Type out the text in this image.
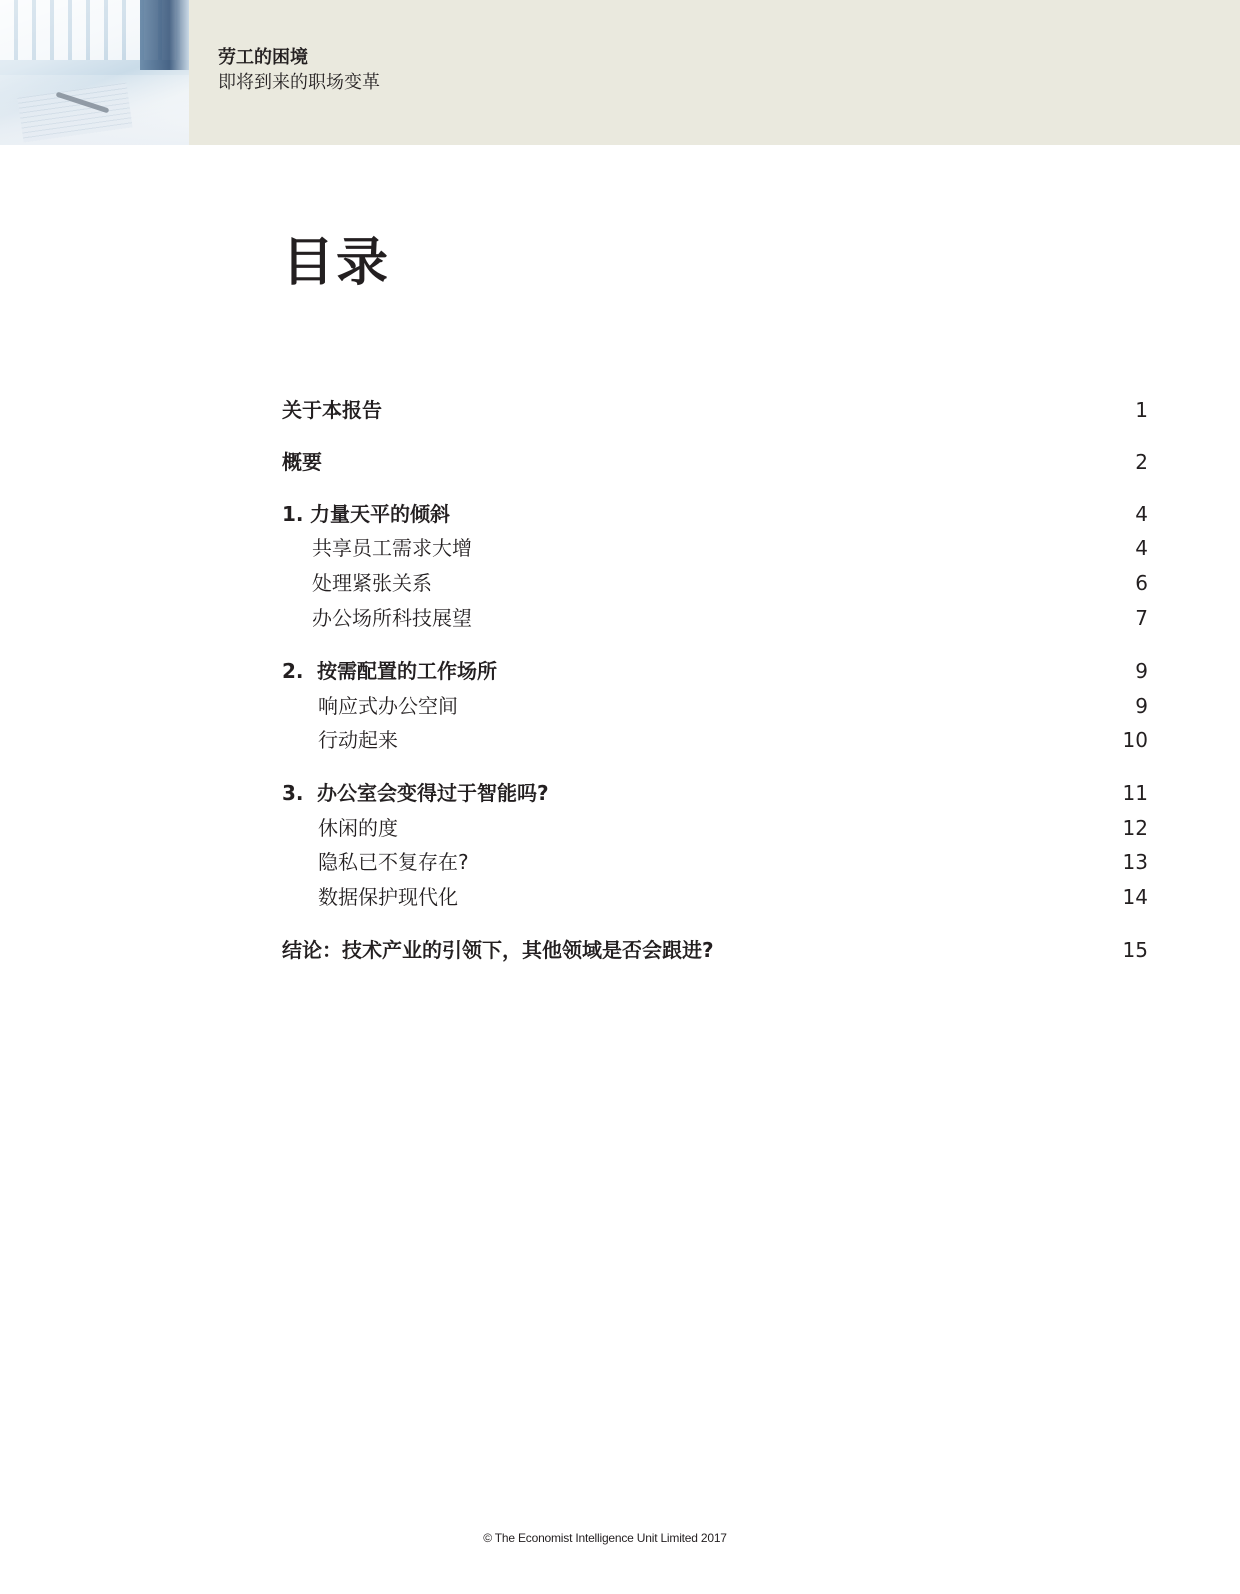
劳工的困境

即将到来的职场变革

目录
关于本报告	1
概要	2
1. 力量天平的倾斜	4
共享员工需求大增	4
处理紧张关系	6
办公场所科技展望	7
2. 按需配置的工作场所	9
响应式办公空间	9
行动起来	10
3. 办公室会变得过于智能吗?	11
休闲的度	12
隐私已不复存在?	13
数据保护现代化	14
结论：技术产业的引领下，其他领域是否会跟进?	15
© The Economist Intelligence Unit Limited 2017
